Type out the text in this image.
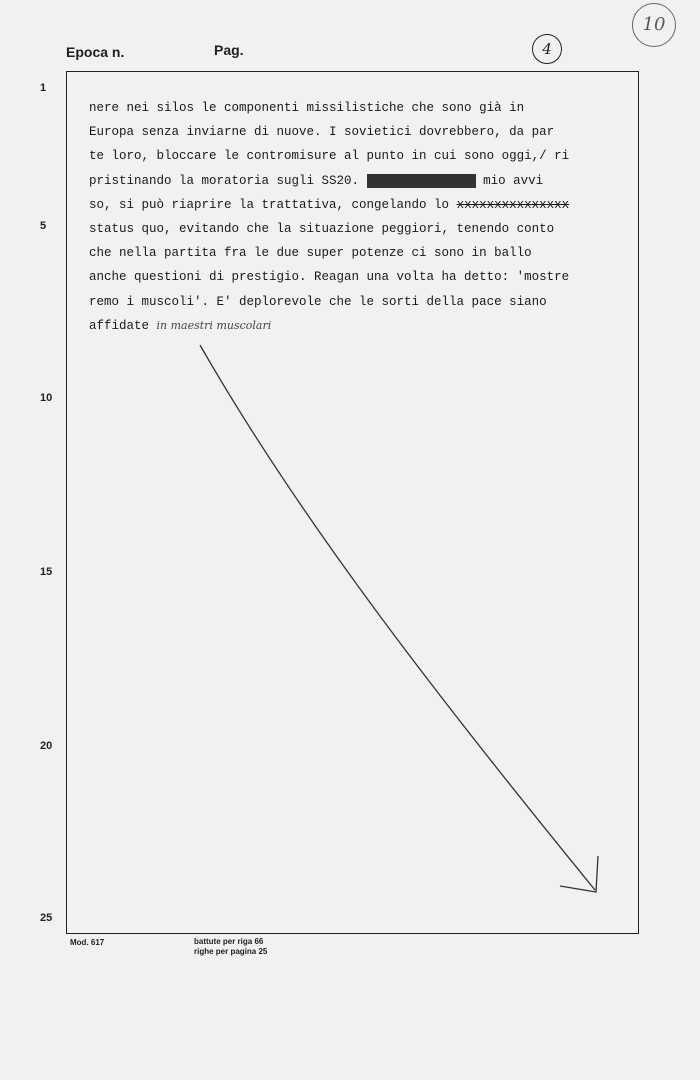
Epoca n.	Pag.	4
10
1
5
10
15
20
25
nere nei silos le componenti missilistiche che sono già in
Europa senza inviarne di nuove. I sovietici dovrebbero, da par
te loro, bloccare le contromisure al punto in cui sono oggi,/ ri
pristinando la moratoria sugli SS20. Su questa base mio avvi
so, si può riaprire la trattativa, congelando lo xxxxxxxxxxxxxxx
status quo, evitando che la situazione peggiori, tenendo conto
che nella partita fra le due super potenze ci sono in ballo
anche questioni di prestigio. Reagan una volta ha detto: 'mostre
remo i muscoli'. E' deplorevole che le sorti della pace siano
affidate in maestri muscolari
Mod. 617	battute per riga 66
righe per pagina 25
